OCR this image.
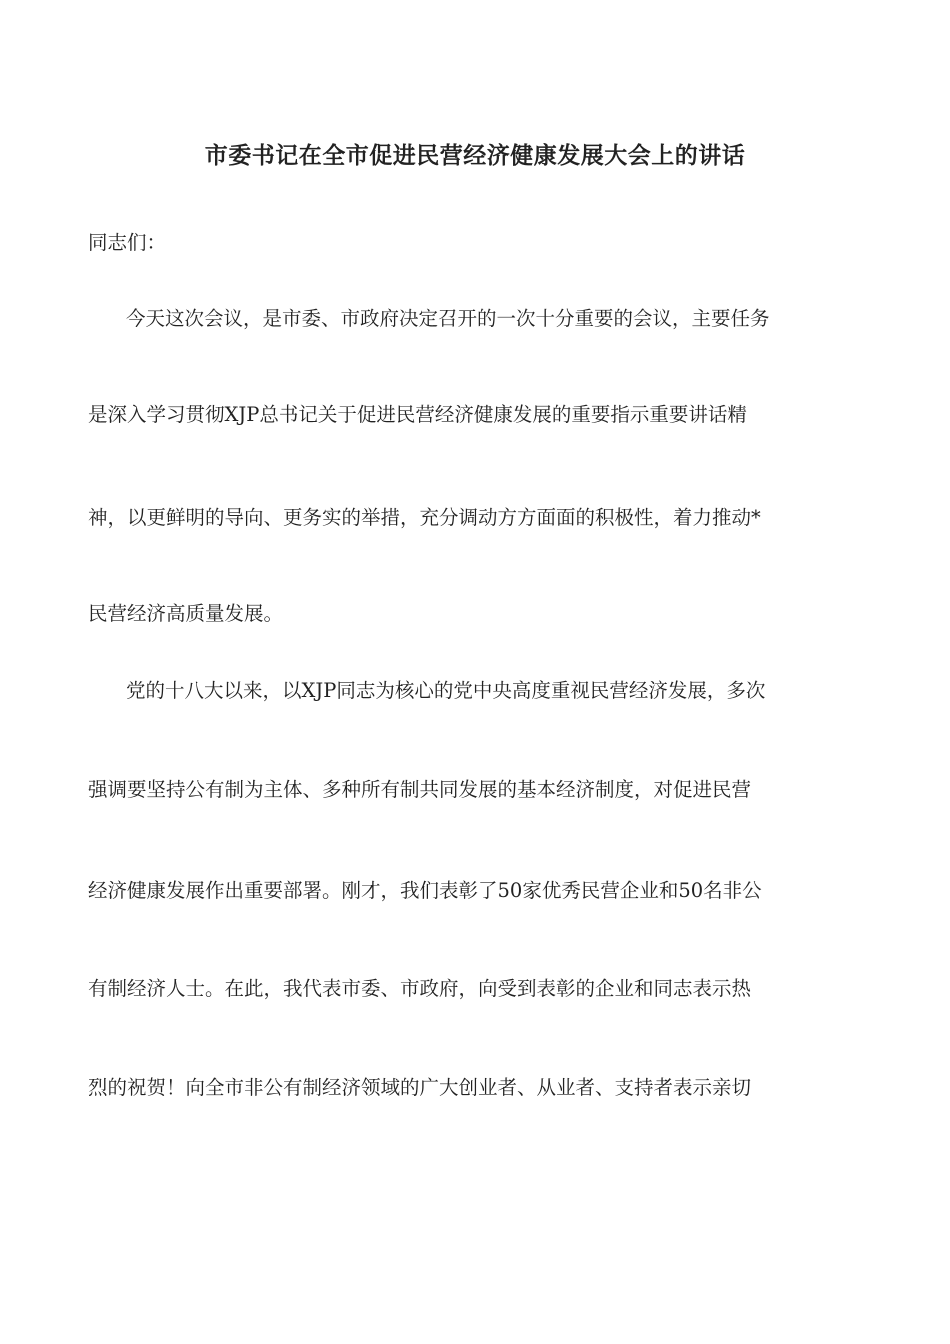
市委书记在全市促进民营经济健康发展大会上的讲话
同志们：
今天这次会议，是市委、市政府决定召开的一次十分重要的会议，主要任务
是深入学习贯彻XJP总书记关于促进民营经济健康发展的重要指示重要讲话精
神，以更鲜明的导向、更务实的举措，充分调动方方面面的积极性，着力推动*
民营经济高质量发展。
党的十八大以来，以XJP同志为核心的党中央高度重视民营经济发展，多次
强调要坚持公有制为主体、多种所有制共同发展的基本经济制度，对促进民营
经济健康发展作出重要部署。刚才，我们表彰了50家优秀民营企业和50名非公
有制经济人士。在此，我代表市委、市政府，向受到表彰的企业和同志表示热
烈的祝贺！向全市非公有制经济领域的广大创业者、从业者、支持者表示亲切
